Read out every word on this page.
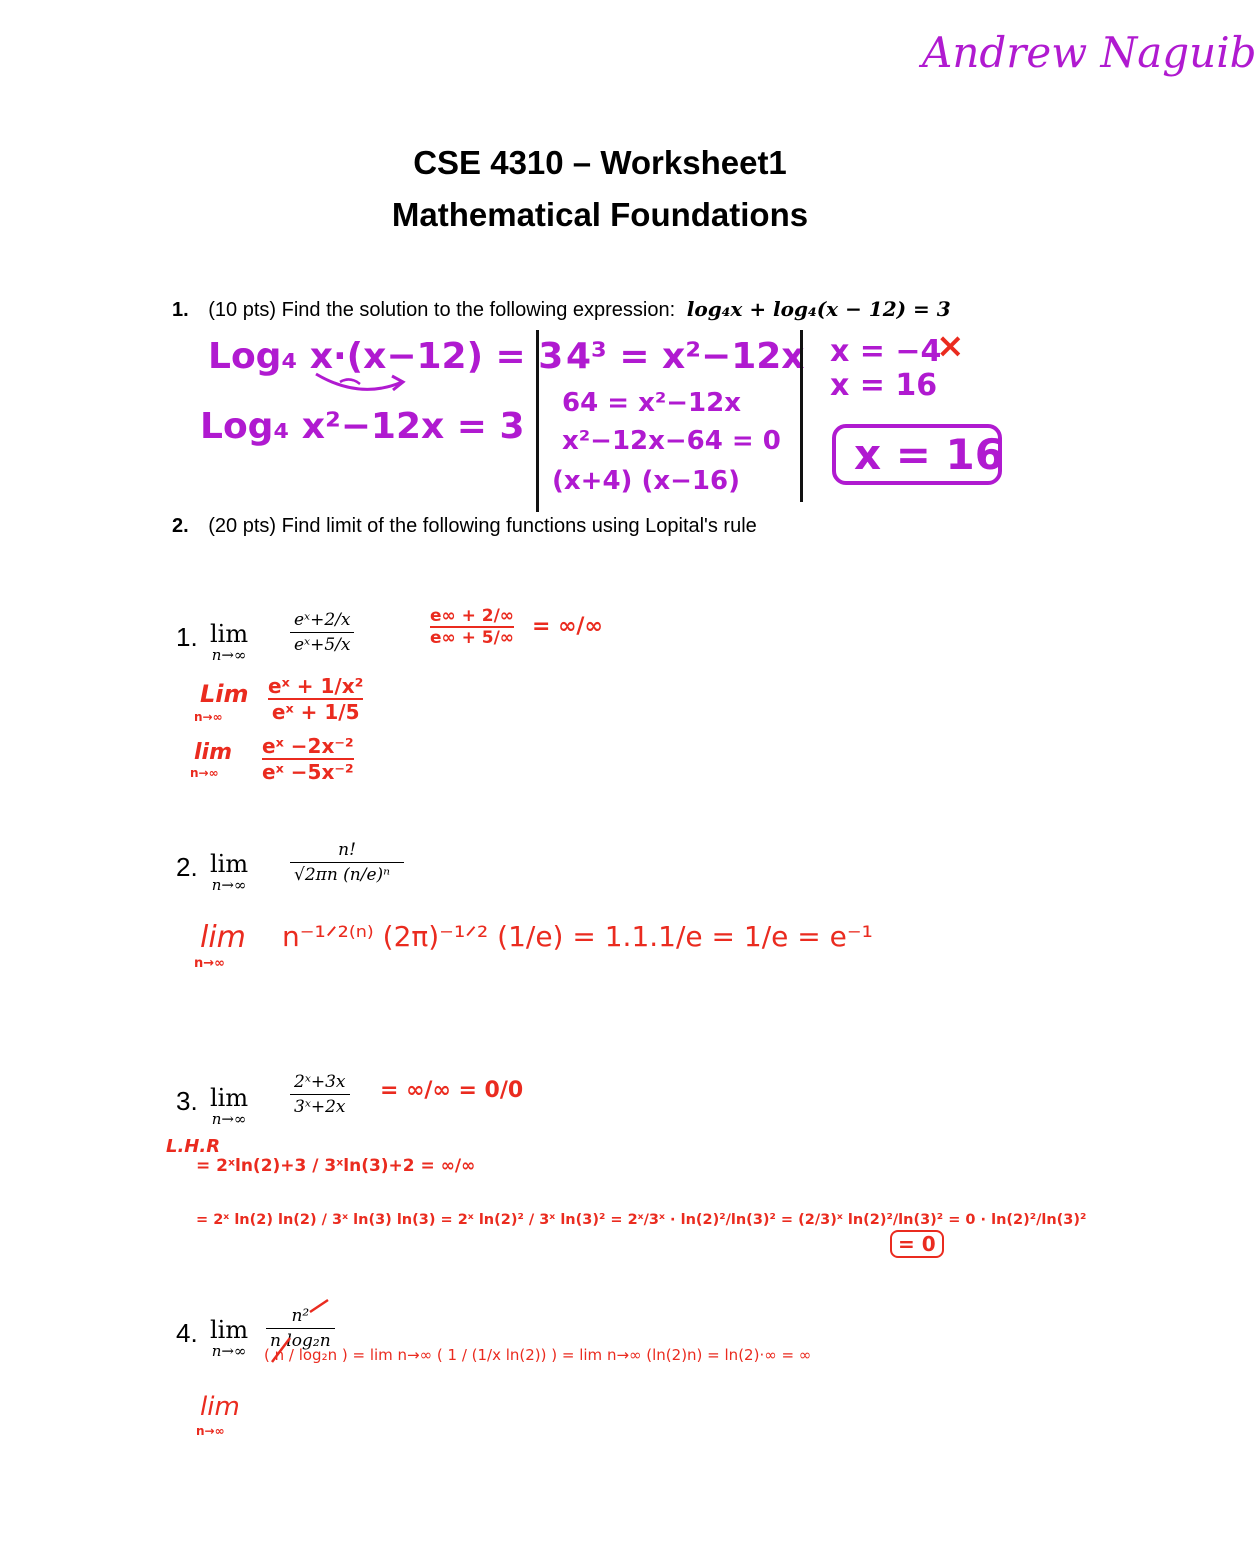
Andrew Naguib
CSE 4310 – Worksheet1
Mathematical Foundations
1. (10 pts) Find the solution to the following expression: log₄x + log₄(x − 12) = 3
Log₄ x·(x−12) = 3
Log₄ x²−12x = 3
4³ = x²−12x
64 = x²−12x
x²−12x−64 = 0
(x+4) (x−16)
x = −4
×
x = 16
x = 16
2. (20 pts) Find limit of the following functions using Lopital's rule
1. lim
n→∞	$\frac{\text{eˣ+2/x}}{\text{eˣ+5/x}}$	$\frac{e\infty + 2/\infty}{e\infty + 5/\infty}$ = ∞/∞
Lim
$n\to\infty \frac{\text{eˣ + 1/x²}}{\text{eˣ + 1/5}}$
lim
$n\to\infty \frac{\text{eˣ −2x⁻²}}{\text{eˣ −5x⁻²}}$
2. lim
n→∞	$\frac{n!}{\text{√2πn (n/e)ⁿ}}$
lim
n→∞
n⁻¹ᐟ²⁽ⁿ⁾ (2π)⁻¹ᐟ² (1/e) = 1.1.1/e = 1/e = e⁻¹
3. lim
n→∞
$\frac{\text{2ˣ+3x}}{\text{3ˣ+2x}}$ = ∞/∞ = 0/0
L.H.R
= 2ˣln(2)+3 / 3ˣln(3)+2 = ∞/∞
= 2ˣ ln(2) ln(2) / 3ˣ ln(3) ln(3) = 2ˣ ln(2)² / 3ˣ ln(3)² = 2ˣ/3ˣ · ln(2)²/ln(3)² = (2/3)ˣ ln(2)²/ln(3)² = 0 · ln(2)²/ln(3)²
= 0
4. lim
$n\to\infty \frac{\text{n²}}{\text{n log₂n}}$
lim
n→∞
( n / log₂n ) = lim n→∞ ( 1 / (1/x ln(2)) ) = lim n→∞ (ln(2)n) = ln(2)·∞ = ∞
